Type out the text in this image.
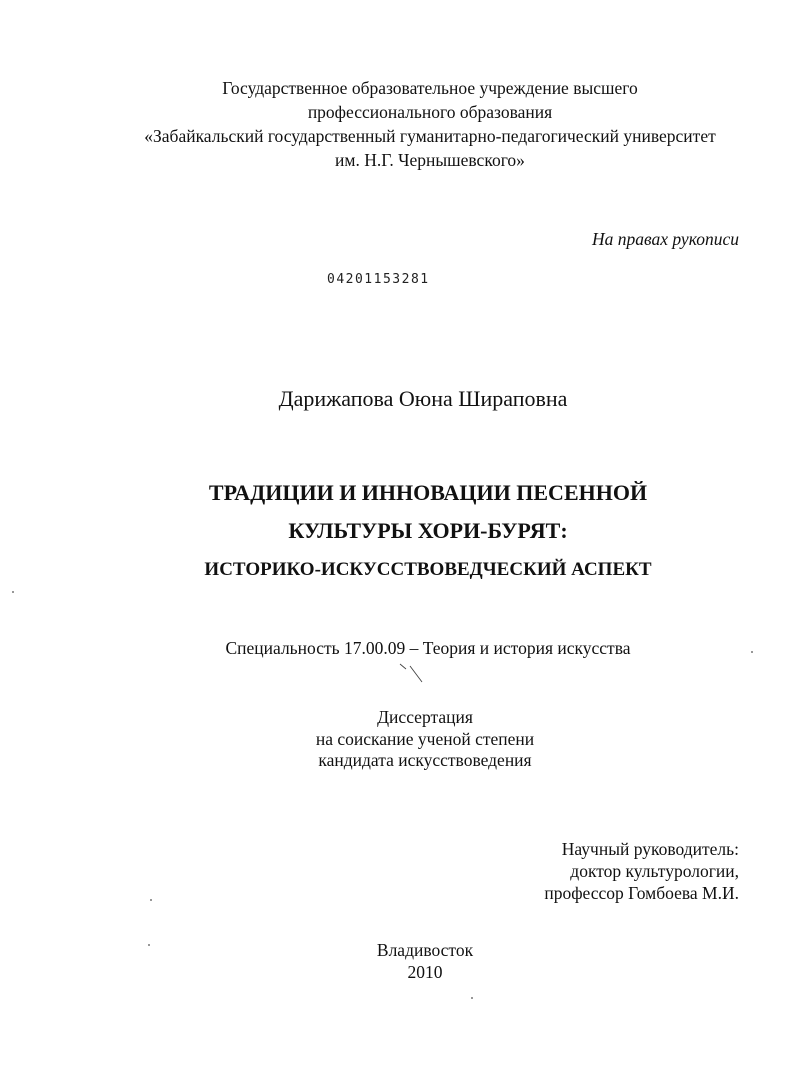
Государственное образовательное учреждение высшего
профессионального образования
«Забайкальский государственный гуманитарно-педагогический университет
им. Н.Г. Чернышевского»
На правах рукописи
04201153281
Дарижапова Оюна Шираповна
ТРАДИЦИИ И ИННОВАЦИИ ПЕСЕННОЙ
КУЛЬТУРЫ ХОРИ-БУРЯТ:
ИСТОРИКО-ИСКУССТВОВЕДЧЕСКИЙ АСПЕКТ
Специальность 17.00.09 – Теория и история искусства
Диссертация
на соискание ученой степени
кандидата искусствоведения
Научный руководитель:
доктор культурологии,
профессор Гомбоева М.И.
Владивосток
2010
